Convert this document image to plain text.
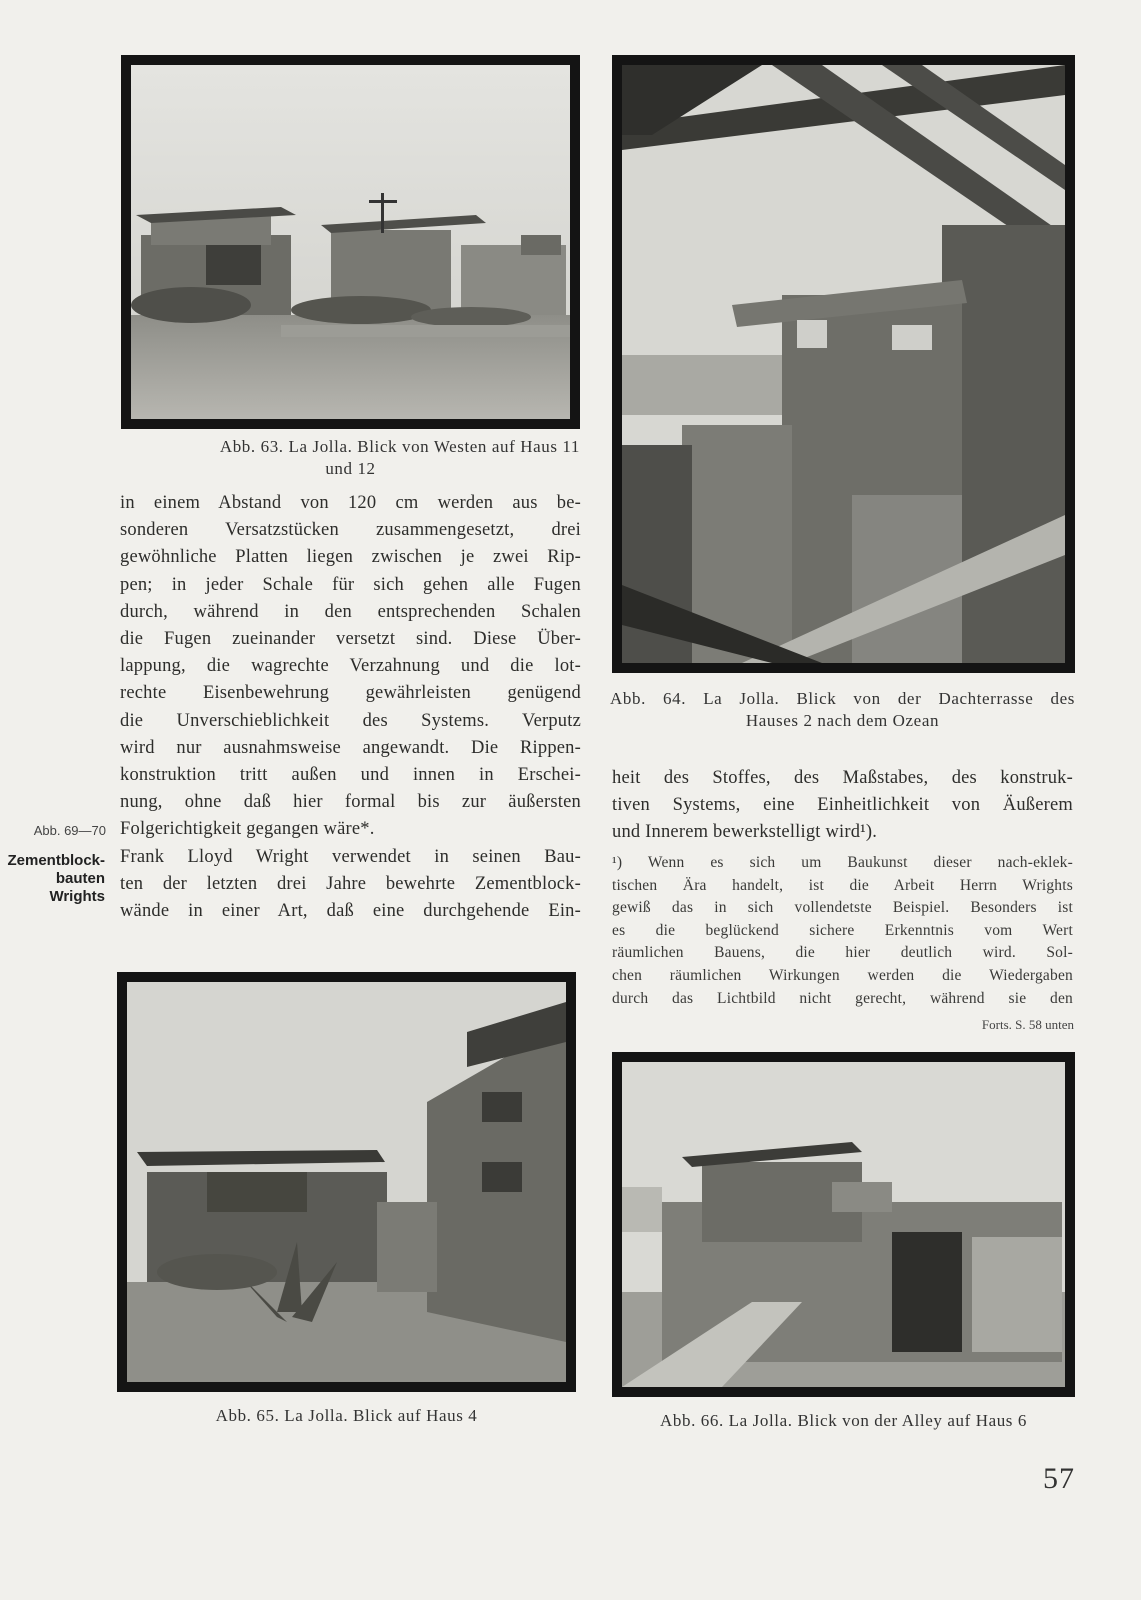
Abb. 63. La Jolla. Blick von Westen auf Haus 11
und 12
Abb. 64. La Jolla. Blick von der Dachterrasse des
Hauses 2 nach dem Ozean
Abb. 69—70
Zementblock-
bauten
Wrights
in einem Abstand von 120 cm werden aus be-
sonderen Versatzstücken zusammengesetzt, drei
gewöhnliche Platten liegen zwischen je zwei Rip-
pen; in jeder Schale für sich gehen alle Fugen
durch, während in den entsprechenden Schalen
die Fugen zueinander versetzt sind. Diese Über-
lappung, die wagrechte Verzahnung und die lot-
rechte Eisenbewehrung gewährleisten genügend
die Unverschieblichkeit des Systems. Verputz
wird nur ausnahmsweise angewandt. Die Rippen-
konstruktion tritt außen und innen in Erschei-
nung, ohne daß hier formal bis zur äußersten
Folgerichtigkeit gegangen wäre*.
Frank Lloyd Wright verwendet in seinen Bau-
ten der letzten drei Jahre bewehrte Zementblock-
wände in einer Art, daß eine durchgehende Ein-
heit des Stoffes, des Maßstabes, des konstruk-
tiven Systems, eine Einheitlichkeit von Äußerem
und Innerem bewerkstelligt wird¹).
¹) Wenn es sich um Baukunst dieser nach-eklek-
tischen Ära handelt, ist die Arbeit Herrn Wrights
gewiß das in sich vollendetste Beispiel. Besonders ist
es die beglückend sichere Erkenntnis vom Wert
räumlichen Bauens, die hier deutlich wird. Sol-
chen räumlichen Wirkungen werden die Wiedergaben
durch das Lichtbild nicht gerecht, während sie den
Forts. S. 58 unten
Abb. 65. La Jolla. Blick auf Haus 4	Abb. 66. La Jolla. Blick von der Alley auf Haus 6
57
